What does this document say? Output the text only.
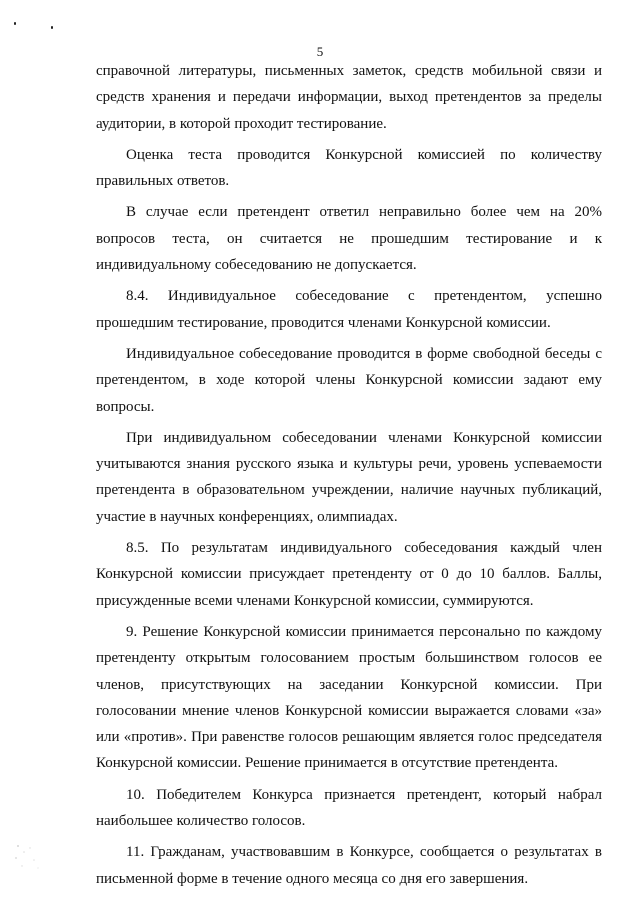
5

справочной литературы, письменных заметок, средств мобильной связи и средств хранения и передачи информации, выход претендентов за пределы аудитории, в которой проходит тестирование.

Оценка теста проводится Конкурсной комиссией по количеству правильных ответов.

В случае если претендент ответил неправильно более чем на 20% вопросов теста, он считается не прошедшим тестирование и к индивидуальному собеседованию не допускается.

8.4. Индивидуальное собеседование с претендентом, успешно прошедшим тестирование, проводится членами Конкурсной комиссии.

Индивидуальное собеседование проводится в форме свободной беседы с претендентом, в ходе которой члены Конкурсной комиссии задают ему вопросы.

При индивидуальном собеседовании членами Конкурсной комиссии учитываются знания русского языка и культуры речи, уровень успеваемости претендента в образовательном учреждении, наличие научных публикаций, участие в научных конференциях, олимпиадах.

8.5. По результатам индивидуального собеседования каждый член Конкурсной комиссии присуждает претенденту от 0 до 10 баллов. Баллы, присужденные всеми членами Конкурсной комиссии, суммируются.

9. Решение Конкурсной комиссии принимается персонально по каждому претенденту открытым голосованием простым большинством голосов ее членов, присутствующих на заседании Конкурсной комиссии. При голосовании мнение членов Конкурсной комиссии выражается словами «за» или «против». При равенстве голосов решающим является голос председателя Конкурсной комиссии. Решение принимается в отсутствие претендента.

10. Победителем Конкурса признается претендент, который набрал наибольшее количество голосов.

11. Гражданам, участвовавшим в Конкурсе, сообщается о результатах в письменной форме в течение одного месяца со дня его завершения.
